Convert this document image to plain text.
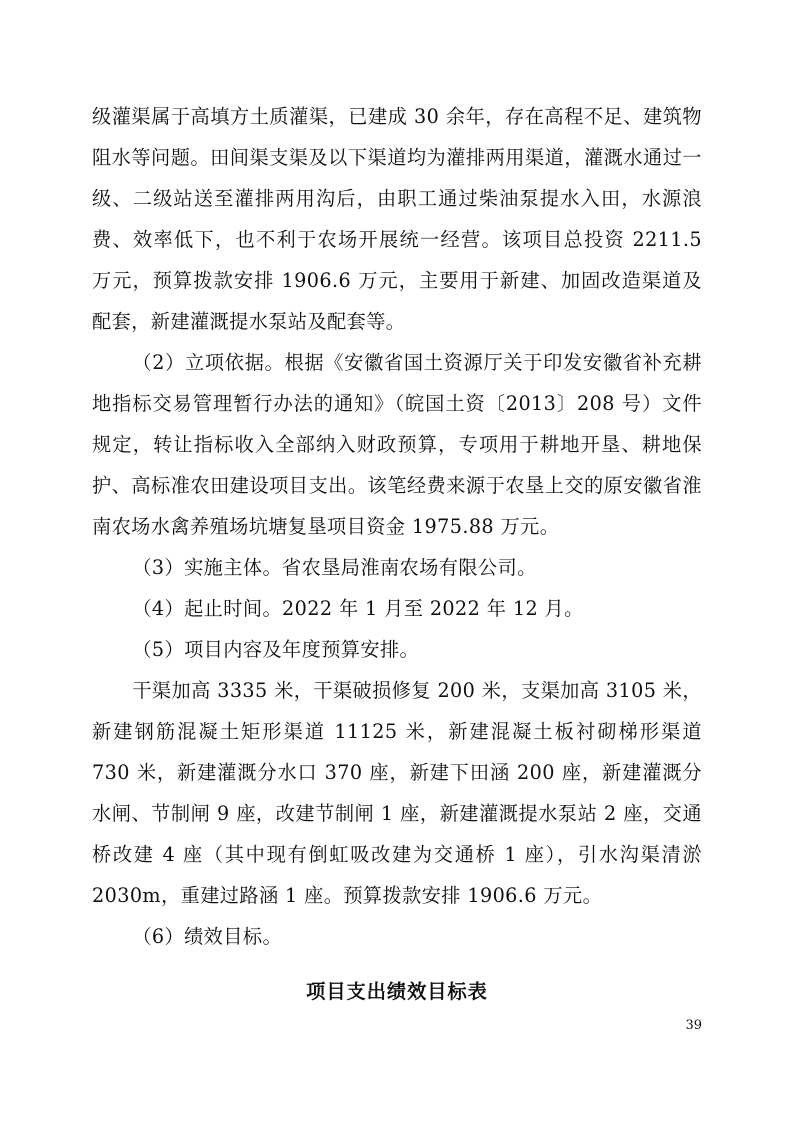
级灌渠属于高填方土质灌渠，已建成 30 余年，存在高程不足、建筑物阻水等问题。田间渠支渠及以下渠道均为灌排两用渠道，灌溉水通过一级、二级站送至灌排两用沟后，由职工通过柴油泵提水入田，水源浪费、效率低下，也不利于农场开展统一经营。该项目总投资 2211.5 万元，预算拨款安排 1906.6 万元，主要用于新建、加固改造渠道及配套，新建灌溉提水泵站及配套等。

（2）立项依据。根据《安徽省国土资源厅关于印发安徽省补充耕地指标交易管理暂行办法的通知》（皖国土资〔2013〕208 号）文件规定，转让指标收入全部纳入财政预算，专项用于耕地开垦、耕地保护、高标准农田建设项目支出。该笔经费来源于农垦上交的原安徽省淮南农场水禽养殖场坑塘复垦项目资金 1975.88 万元。

（3）实施主体。省农垦局淮南农场有限公司。

（4）起止时间。2022 年 1 月至 2022 年 12 月。

（5）项目内容及年度预算安排。

干渠加高 3335 米，干渠破损修复 200 米，支渠加高 3105 米，新建钢筋混凝土矩形渠道 11125 米，新建混凝土板衬砌梯形渠道 730 米，新建灌溉分水口 370 座，新建下田涵 200 座，新建灌溉分水闸、节制闸 9 座，改建节制闸 1 座，新建灌溉提水泵站 2 座，交通桥改建 4 座（其中现有倒虹吸改建为交通桥 1 座），引水沟渠清淤 2030m，重建过路涵 1 座。预算拨款安排 1906.6 万元。

（6）绩效目标。

项目支出绩效目标表

39
